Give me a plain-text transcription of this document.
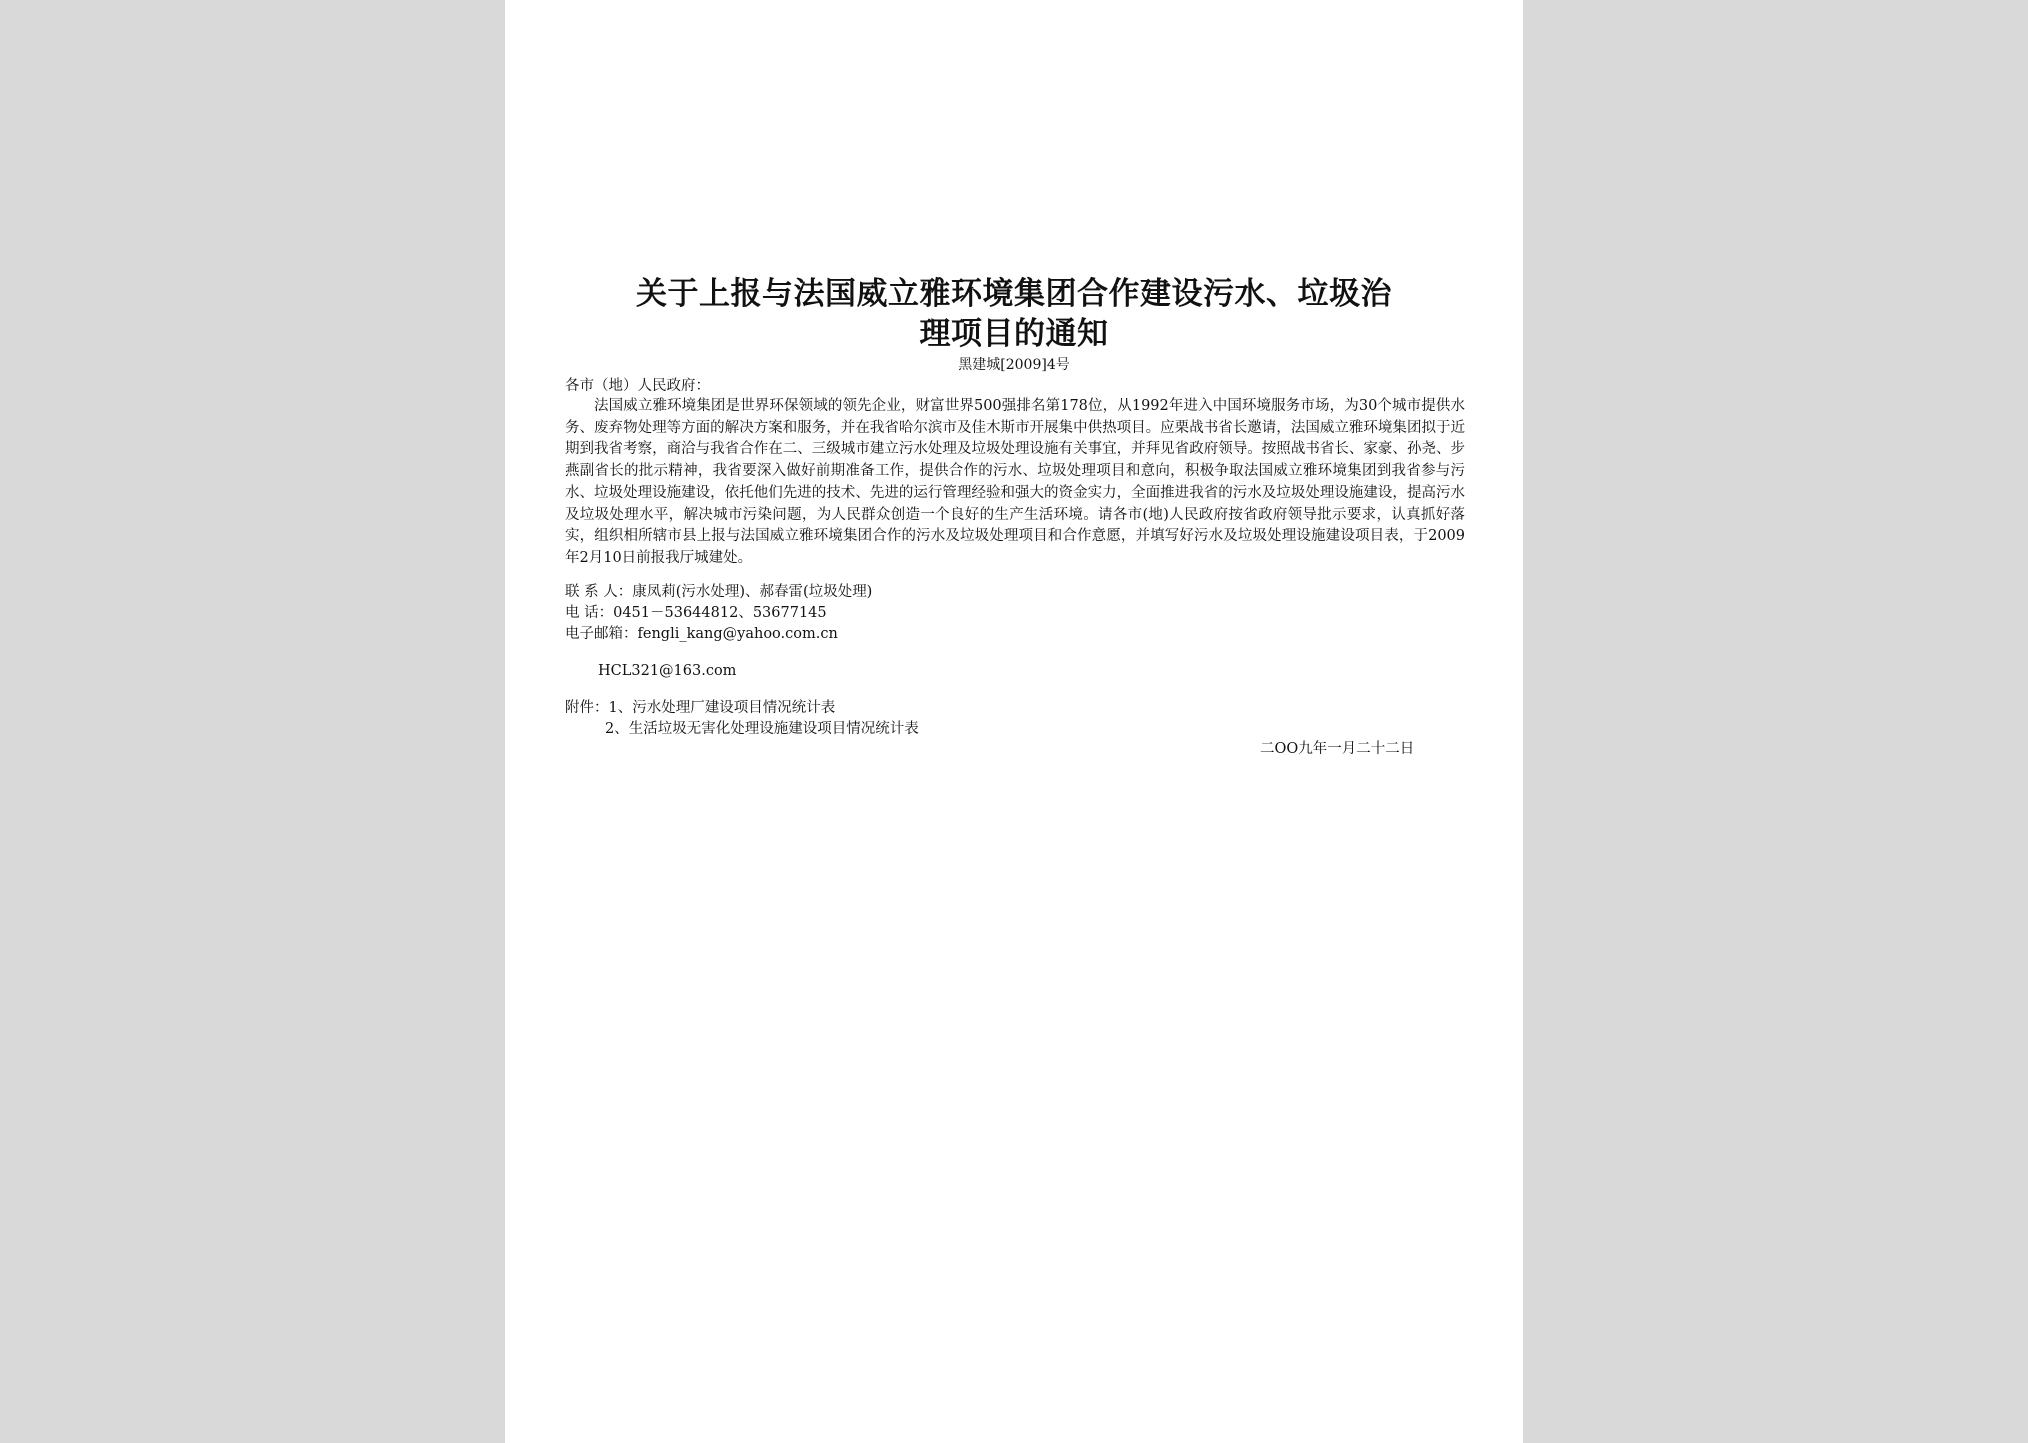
关于上报与法国威立雅环境集团合作建设污水、垃圾治
理项目的通知
黑建城[2009]4号
各市（地）人民政府：
法国威立雅环境集团是世界环保领域的领先企业，财富世界500强排名第178位，从1992年进入中国环境服务市场，为30个城市提供水务、废弃物处理等方面的解决方案和服务，并在我省哈尔滨市及佳木斯市开展集中供热项目。应栗战书省长邀请，法国威立雅环境集团拟于近期到我省考察，商洽与我省合作在二、三级城市建立污水处理及垃圾处理设施有关事宜，并拜见省政府领导。按照战书省长、家豪、孙尧、步燕副省长的批示精神，我省要深入做好前期准备工作，提供合作的污水、垃圾处理项目和意向，积极争取法国威立雅环境集团到我省参与污水、垃圾处理设施建设，依托他们先进的技术、先进的运行管理经验和强大的资金实力，全面推进我省的污水及垃圾处理设施建设，提高污水及垃圾处理水平，解决城市污染问题，为人民群众创造一个良好的生产生活环境。请各市(地)人民政府按省政府领导批示要求，认真抓好落实，组织相所辖市县上报与法国威立雅环境集团合作的污水及垃圾处理项目和合作意愿，并填写好污水及垃圾处理设施建设项目表，于2009年2月10日前报我厅城建处。
联 系 人：康凤莉(污水处理)、郝春雷(垃圾处理)
电 话：0451－53644812、53677145
电子邮箱：fengli_kang@yahoo.com.cn
HCL321@163.com
附件：1、污水处理厂建设项目情况统计表
2、生活垃圾无害化处理设施建设项目情况统计表
二OO九年一月二十二日
